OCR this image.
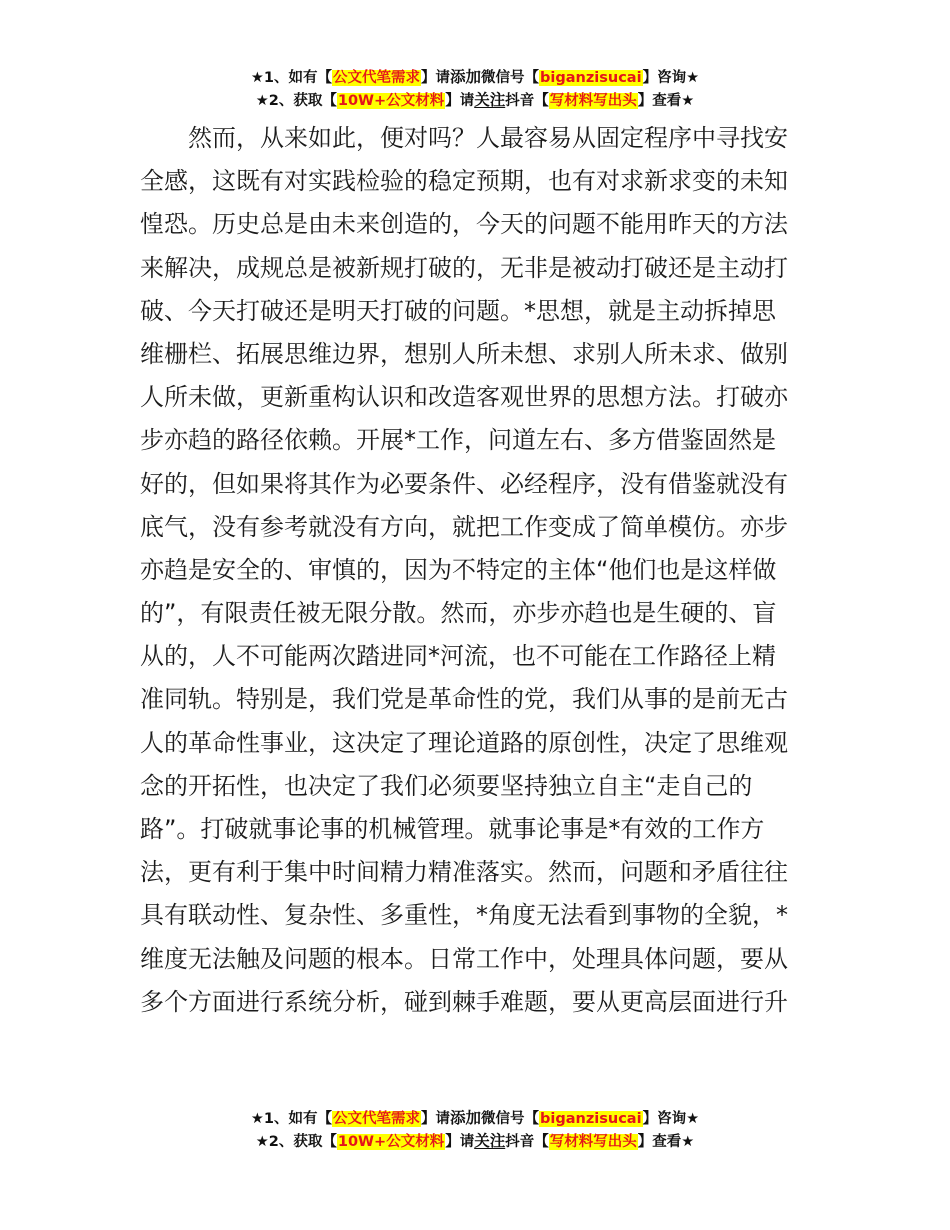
★1、如有【公文代笔需求】请添加微信号【biganzisucai】咨询★
★2、获取【10W+公文材料】请关注抖音【写材料写出头】查看★
　　然而，从来如此，便对吗？人最容易从固定程序中寻找安
全感，这既有对实践检验的稳定预期，也有对求新求变的未知
惶恐。历史总是由未来创造的，今天的问题不能用昨天的方法
来解决，成规总是被新规打破的，无非是被动打破还是主动打
破、今天打破还是明天打破的问题。*思想，就是主动拆掉思
维栅栏、拓展思维边界，想别人所未想、求别人所未求、做别
人所未做，更新重构认识和改造客观世界的思想方法。打破亦
步亦趋的路径依赖。开展*工作，问道左右、多方借鉴固然是
好的，但如果将其作为必要条件、必经程序，没有借鉴就没有
底气，没有参考就没有方向，就把工作变成了简单模仿。亦步
亦趋是安全的、审慎的，因为不特定的主体“他们也是这样做
的”，有限责任被无限分散。然而，亦步亦趋也是生硬的、盲
从的，人不可能两次踏进同*河流，也不可能在工作路径上精
准同轨。特别是，我们党是革命性的党，我们从事的是前无古
人的革命性事业，这决定了理论道路的原创性，决定了思维观
念的开拓性，也决定了我们必须要坚持独立自主“走自己的
路”。打破就事论事的机械管理。就事论事是*有效的工作方
法，更有利于集中时间精力精准落实。然而，问题和矛盾往往
具有联动性、复杂性、多重性，*角度无法看到事物的全貌，*
维度无法触及问题的根本。日常工作中，处理具体问题，要从
多个方面进行系统分析，碰到棘手难题，要从更高层面进行升
★1、如有【公文代笔需求】请添加微信号【biganzisucai】咨询★
★2、获取【10W+公文材料】请关注抖音【写材料写出头】查看★
